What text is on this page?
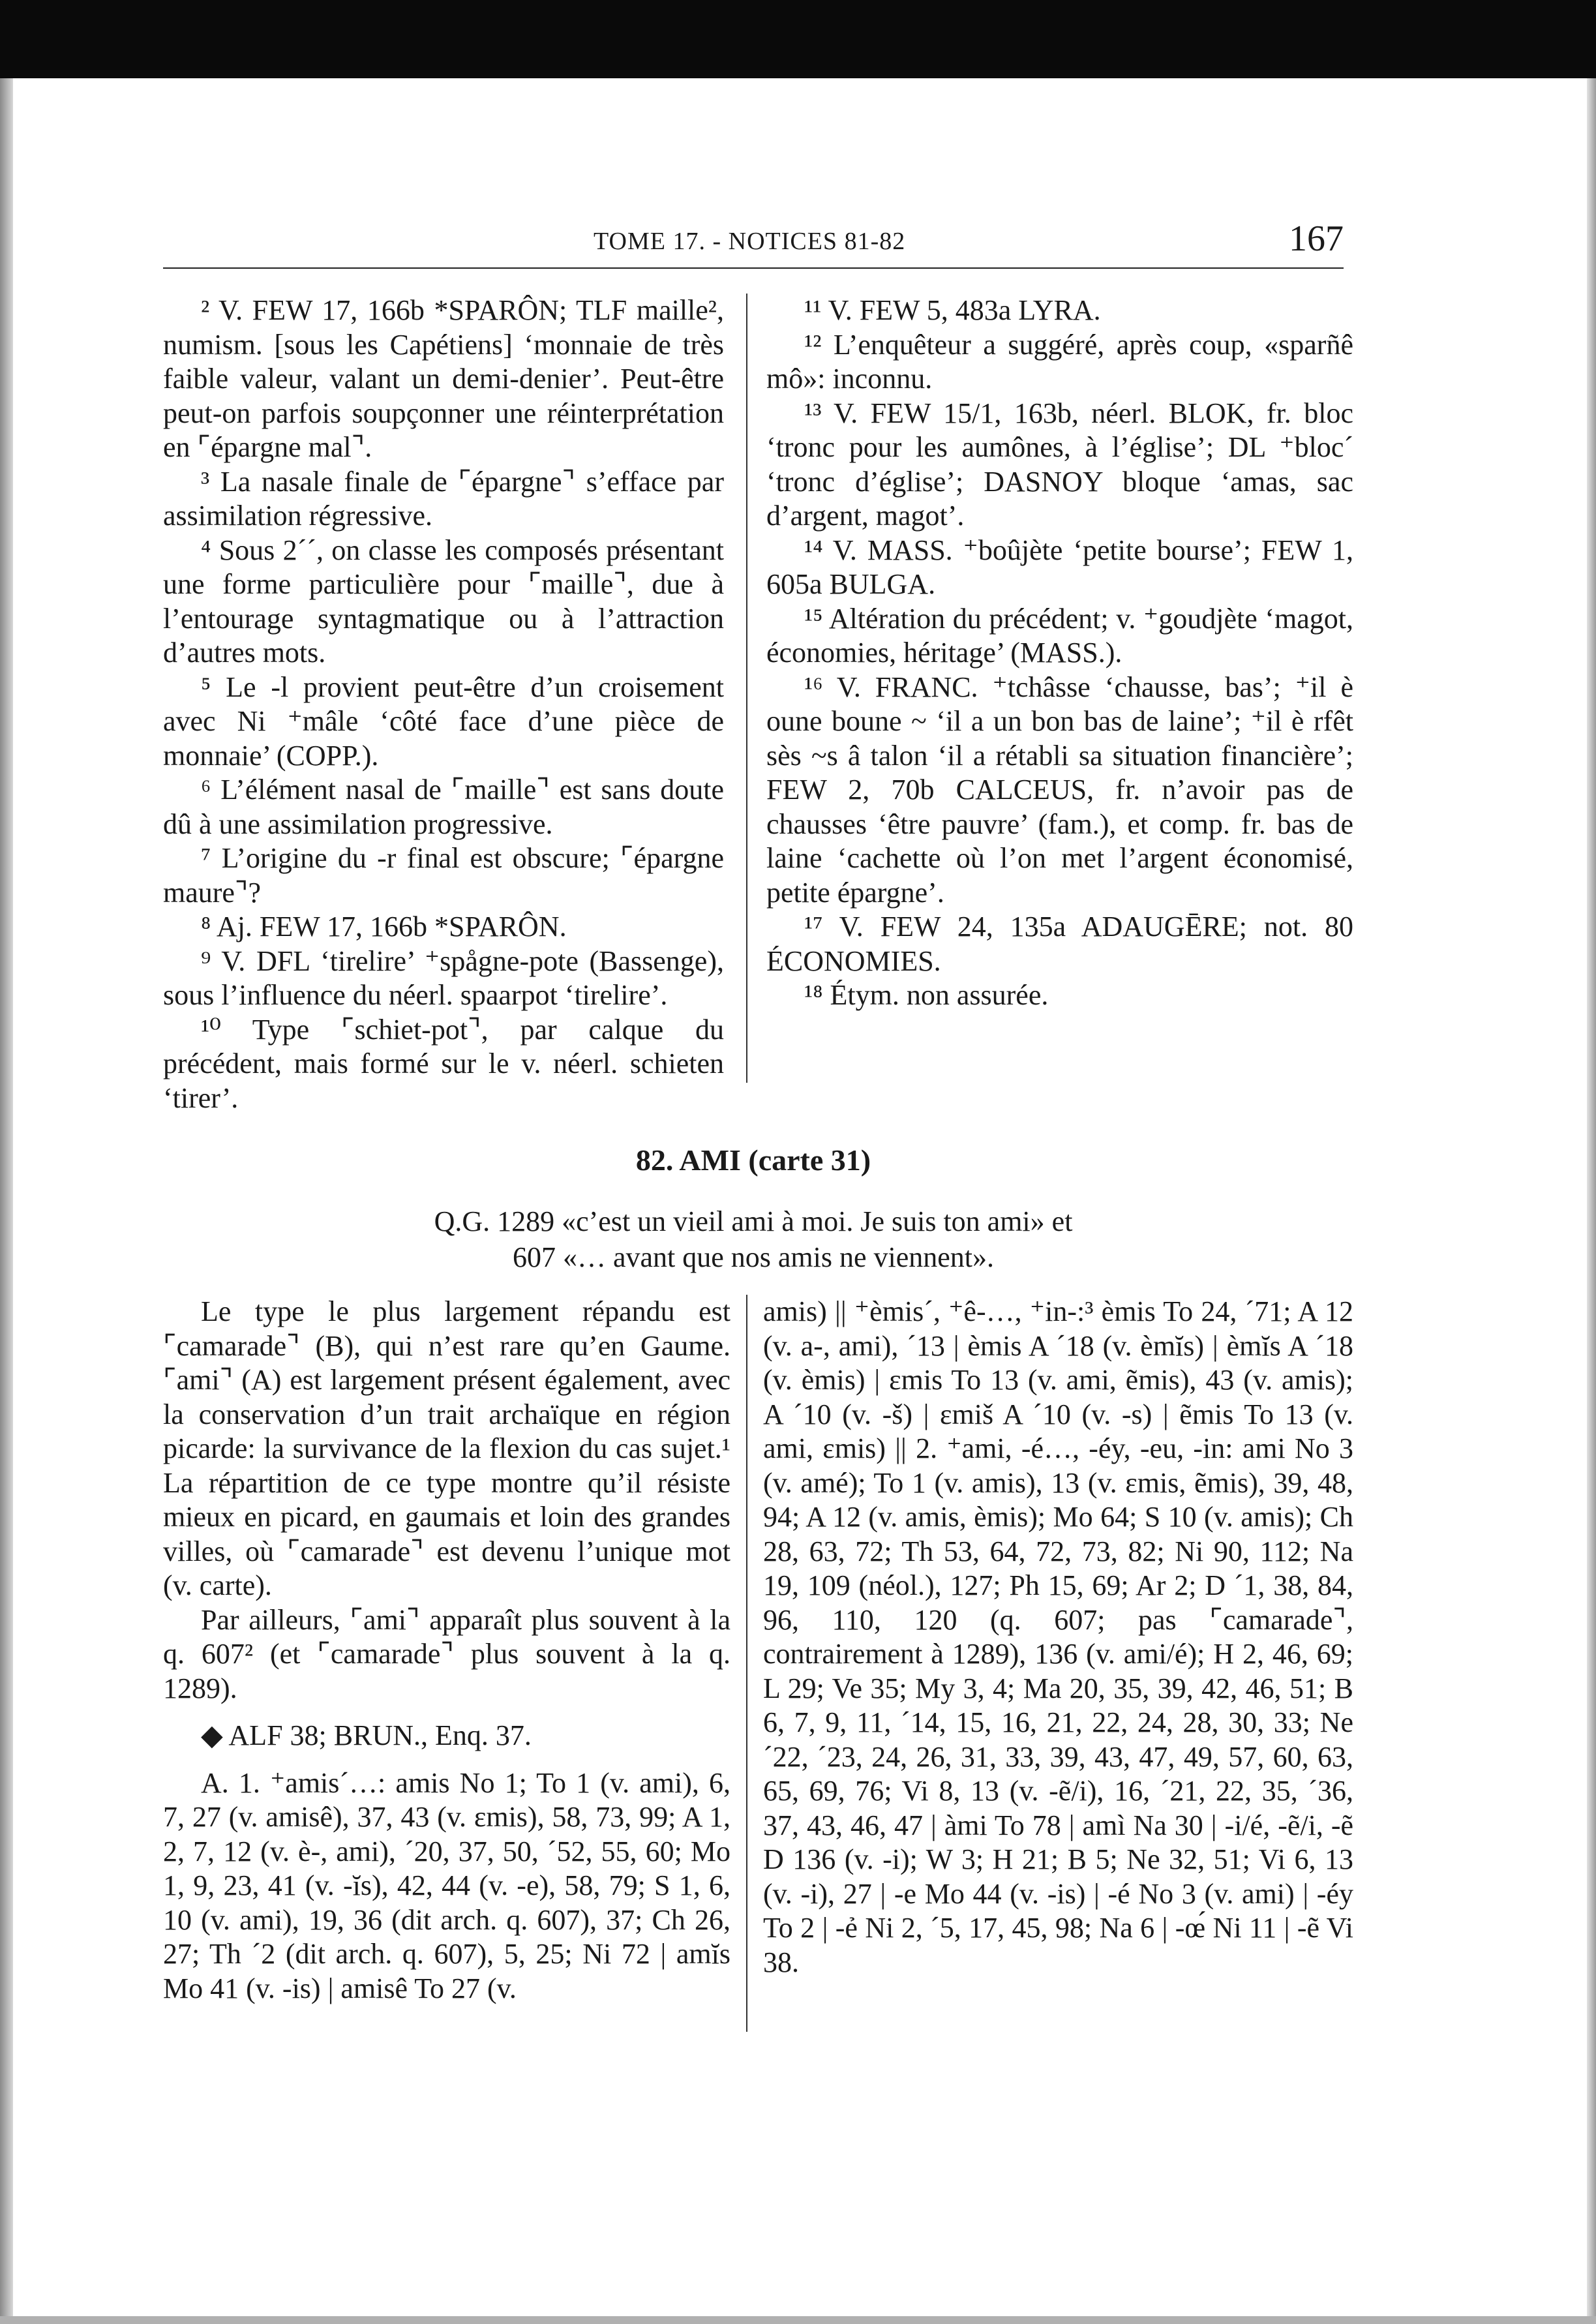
TOME 17. - NOTICES 81-82	167

² V. FEW 17, 166b *SPARÔN; TLF maille², numism. [sous les Capétiens] ‘monnaie de très faible valeur, valant un demi-denier’. Peut-être peut-on parfois soupçonner une réinterprétation en ⌜épargne mal⌝.

³ La nasale finale de ⌜épargne⌝ s’efface par assimilation régressive.

⁴ Sous 2´´, on classe les composés présentant une forme particulière pour ⌜maille⌝, due à l’entourage syntagmatique ou à l’attraction d’autres mots.

⁵ Le -l provient peut-être d’un croisement avec Ni ⁺mâle ‘côté face d’une pièce de monnaie’ (COPP.).

⁶ L’élément nasal de ⌜maille⌝ est sans doute dû à une assimilation progressive.

⁷ L’origine du -r final est obscure; ⌜épargne maure⌝?

⁸ Aj. FEW 17, 166b *SPARÔN.

⁹ V. DFL ‘tirelire’ ⁺spågne-pote (Bassenge), sous l’influence du néerl. spaarpot ‘tirelire’.

¹⁰ Type ⌜schiet-pot⌝, par calque du précédent, mais formé sur le v. néerl. schieten ‘tirer’.

¹¹ V. FEW 5, 483a LYRA.

¹² L’enquêteur a suggéré, après coup, «sparñê mô»: inconnu.

¹³ V. FEW 15/1, 163b, néerl. BLOK, fr. bloc ‘tronc pour les aumônes, à l’église’; DL ⁺bloc´ ‘tronc d’église’; DASNOY bloque ‘amas, sac d’argent, magot’.

¹⁴ V. MASS. ⁺boûjète ‘petite bourse’; FEW 1, 605a BULGA.

¹⁵ Altération du précédent; v. ⁺goudjète ‘magot, économies, héritage’ (MASS.).

¹⁶ V. FRANC. ⁺tchâsse ‘chausse, bas’; ⁺il è oune boune ~ ‘il a un bon bas de laine’; ⁺il è rfêt sès ~s â talon ‘il a rétabli sa situation financière’; FEW 2, 70b CALCEUS, fr. n’avoir pas de chausses ‘être pauvre’ (fam.), et comp. fr. bas de laine ‘cachette où l’on met l’argent économisé, petite épargne’.

¹⁷ V. FEW 24, 135a ADAUGĒRE; not. 80 ÉCONOMIES.

¹⁸ Étym. non assurée.

82. AMI (carte 31)
Q.G. 1289 «c’est un vieil ami à moi. Je suis ton ami» et
607 «… avant que nos amis ne viennent».

Le type le plus largement répandu est ⌜camarade⌝ (B), qui n’est rare qu’en Gaume. ⌜ami⌝ (A) est largement présent également, avec la conservation d’un trait archaïque en région picarde: la survivance de la flexion du cas sujet.¹ La répartition de ce type montre qu’il résiste mieux en picard, en gaumais et loin des grandes villes, où ⌜camarade⌝ est devenu l’unique mot (v. carte).

Par ailleurs, ⌜ami⌝ apparaît plus souvent à la q. 607² (et ⌜camarade⌝ plus souvent à la q. 1289).

◆ ALF 38; BRUN., Enq. 37.

A. 1. ⁺amis´…: amis No 1; To 1 (v. ami), 6, 7, 27 (v. amisê), 37, 43 (v. ɛmis), 58, 73, 99; A 1, 2, 7, 12 (v. è-, ami), ´20, 37, 50, ´52, 55, 60; Mo 1, 9, 23, 41 (v. -ĭs), 42, 44 (v. -e), 58, 79; S 1, 6, 10 (v. ami), 19, 36 (dit arch. q. 607), 37; Ch 26, 27; Th ´2 (dit arch. q. 607), 5, 25; Ni 72 | amĭs Mo 41 (v. -is) | amisê To 27 (v.

amis) || ⁺èmis´, ⁺ê-…, ⁺in-:³ èmis To 24, ´71; A 12 (v. a-, ami), ´13 | èmis A ´18 (v. èmĭs) | èmĭs A ´18 (v. èmis) | ɛmis To 13 (v. ami, ẽmis), 43 (v. amis); A ´10 (v. -š) | ɛmiš A ´10 (v. -s) | ẽmis To 13 (v. ami, ɛmis) || 2. ⁺ami, -é…, -éy, -eu, -in: ami No 3 (v. amé); To 1 (v. amis), 13 (v. ɛmis, ẽmis), 39, 48, 94; A 12 (v. amis, èmis); Mo 64; S 10 (v. amis); Ch 28, 63, 72; Th 53, 64, 72, 73, 82; Ni 90, 112; Na 19, 109 (néol.), 127; Ph 15, 69; Ar 2; D ´1, 38, 84, 96, 110, 120 (q. 607; pas ⌜camarade⌝, contrairement à 1289), 136 (v. ami/é); H 2, 46, 69; L 29; Ve 35; My 3, 4; Ma 20, 35, 39, 42, 46, 51; B 6, 7, 9, 11, ´14, 15, 16, 21, 22, 24, 28, 30, 33; Ne ´22, ´23, 24, 26, 31, 33, 39, 43, 47, 49, 57, 60, 63, 65, 69, 76; Vi 8, 13 (v. -ẽ/i), 16, ´21, 22, 35, ´36, 37, 43, 46, 47 | àmi To 78 | amì Na 30 | -i/é, -ẽ/i, -ẽ D 136 (v. -i); W 3; H 21; B 5; Ne 32, 51; Vi 6, 13 (v. -i), 27 | -e Mo 44 (v. -is) | -é No 3 (v. ami) | -éy To 2 | -ẻ Ni 2, ´5, 17, 45, 98; Na 6 | -œ́ Ni 11 | -ẽ Vi 38.
